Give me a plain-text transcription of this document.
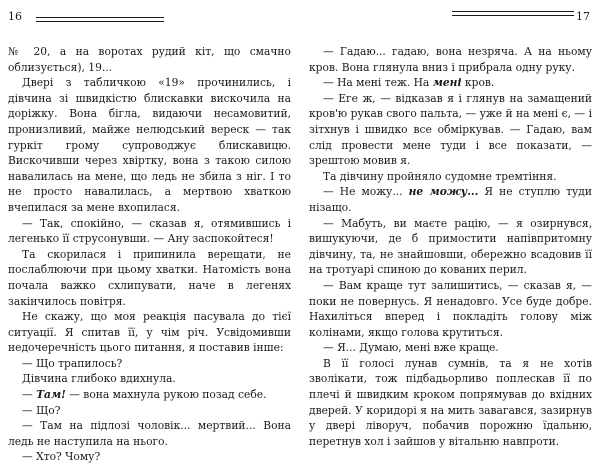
16

№ 20, а на воротах рудий кіт, що смачно облизується), 19...

Двері з табличкою «19» прочинились, і дівчина зі швидкістю блискавки вискочила на доріжку. Вона бігла, видаючи несамовитий, пронизливий, майже нелюдський вереск — так гуркіт грому супроводжує блискавицю. Вискочивши через хвіртку, вона з такою силою навалилась на мене, що ледь не збила з ніг. І то не просто навалилась, а мертвою хваткою вчепилася за мене вхопилася.

— Так, спокійно, — сказав я, отямившись і легенько її струсонувши. — Ану заспокойтеся!

Та скорилася і припинила верещати, не послаблюючи при цьому хватки. Натомість вона почала важко схлипувати, наче в легенях закінчилось повітря.

Не скажу, що моя реакція пасувала до тієї ситуації. Я спитав її, у чім річ. Усвідомивши недочеречність цього питання, я поставив інше:

— Що трапилось?

Дівчина глибоко вдихнула.

— Там! — вона махнула рукою позад себе.

— Що?

— Там на підлозі чоловік... мертвий... Вона ледь не наступила на нього.

— Хто? Чому?

17

— Гадаю... гадаю, вона незряча. А на ньому кров. Вона глянула вниз і прибрала одну руку.

— На мені теж. На мені кров.

— Еге ж, — відказав я і глянув на замащений кров'ю рукав свого пальта, — уже й на мені є, — і зітхнув і швидко все обміркував. — Гадаю, вам слід провести мене туди і все показати, — зрештою мовив я.

Та дівчину пройняло судомне тремтіння.

— Не можу... не можу... Я не ступлю туди нізащо.

— Мабуть, ви маєте рацію, — я озирнувся, вишукуючи, де б примостити напівпритомну дівчину, та, не знайшовши, обережно всадовив її на тротуарі спиною до кованих перил.

— Вам краще тут залишитись, — сказав я, — поки не повернусь. Я ненадовго. Усе буде добре. Нахиліться вперед і покладіть голову між колінами, якщо голова крутиться.

— Я... Думаю, мені вже краще.

В її голосі лунав сумнів, та я не хотів зволікати, тож підбадьорливо поплескав її по плечі й швидким кроком попрямував до вхідних дверей. У коридорі я на мить завагався, зазирнув у двері ліворуч, побачив порожню їдальню, перетнув хол і зайшов у вітальню навпроти.
